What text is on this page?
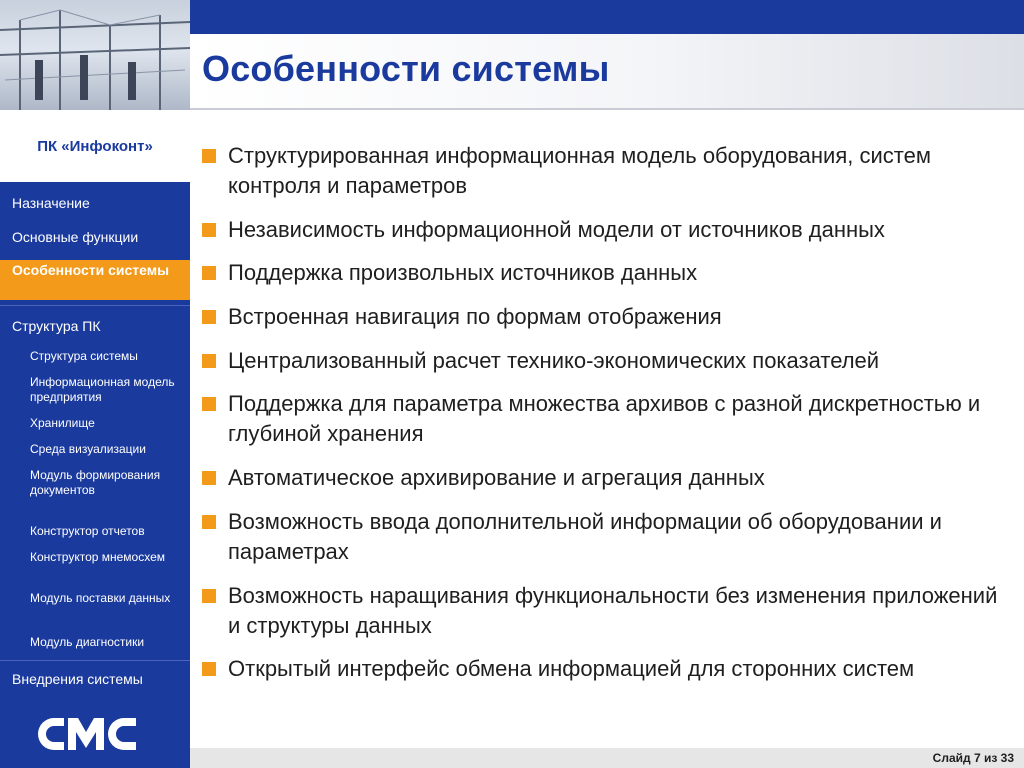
ПК «Инфоконт»
Назначение
Основные функции
Особенности системы
Структура ПК
Структура системы
Информационная модель предприятия
Хранилище
Среда визуализации
Модуль формирования документов
Конструктор отчетов
Конструктор мнемосхем
Модуль поставки данных
Модуль диагностики
Внедрения системы
Особенности системы
Структурированная информационная модель оборудования, систем контроля и параметров
Независимость информационной модели от источников данных
Поддержка произвольных источников данных
Встроенная навигация по формам отображения
Централизованный расчет технико-экономических показателей
Поддержка для параметра множества архивов с разной дискретностью и глубиной хранения
Автоматическое архивирование и агрегация данных
Возможность ввода дополнительной информации об оборудовании и параметрах
Возможность наращивания функциональности без изменения приложений и структуры данных
Открытый интерфейс обмена информацией для сторонних систем
Слайд 7 из 33
